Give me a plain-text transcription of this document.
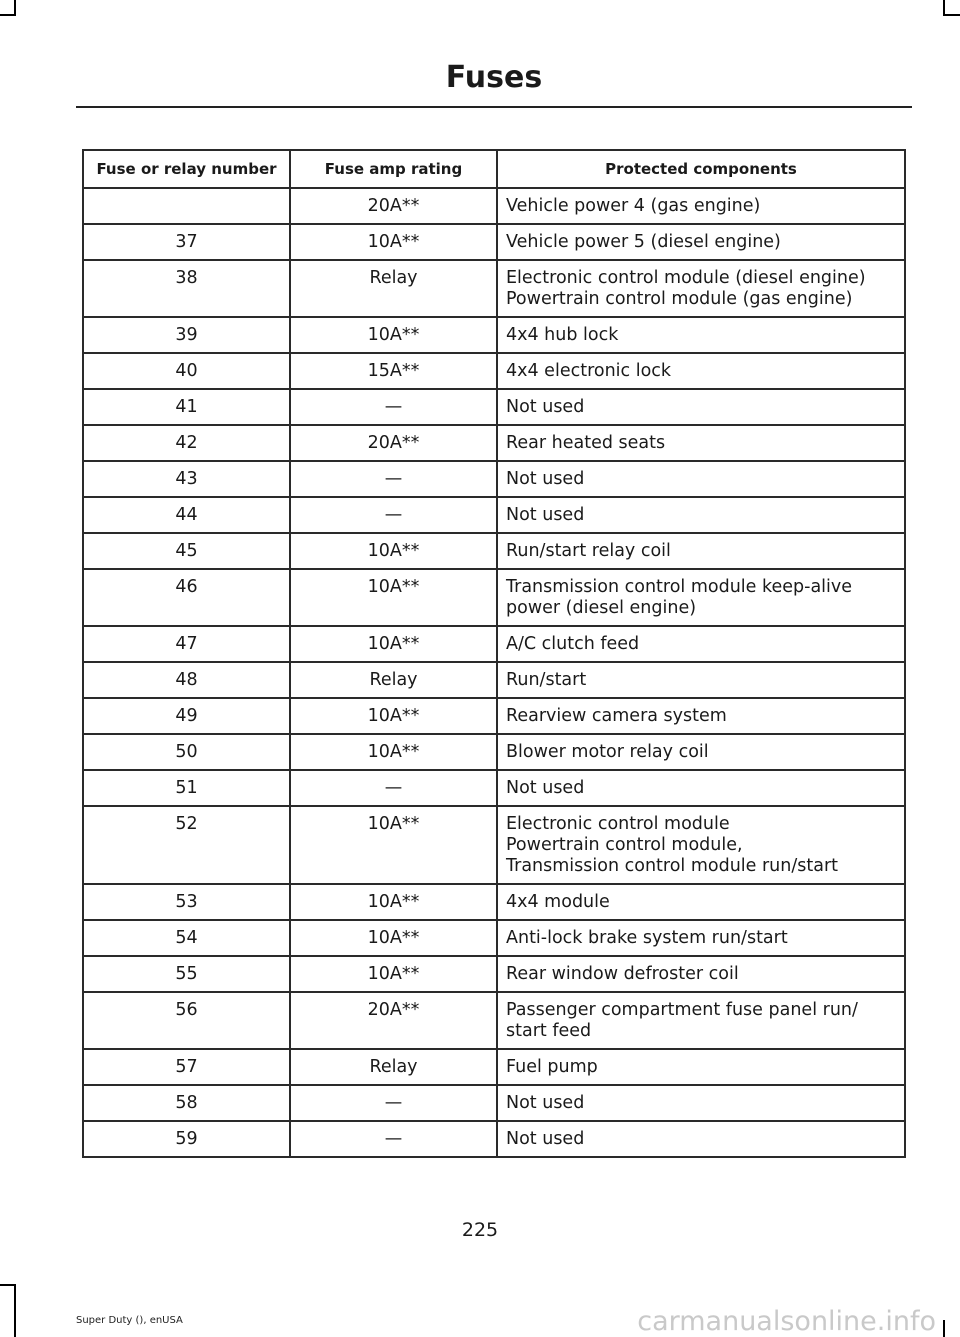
Fuses
Fuse or relay number	Fuse amp rating	Protected components
	20A**	Vehicle power 4 (gas engine)

37	10A**	Vehicle power 5 (diesel engine)

38	Relay	Electronic control module (diesel engine)
Powertrain control module (gas engine)

39	10A**	4x4 hub lock

40	15A**	4x4 electronic lock

41	—	Not used

42	20A**	Rear heated seats

43	—	Not used

44	—	Not used

45	10A**	Run/start relay coil

46	10A**	Transmission control module keep-alive
power (diesel engine)

47	10A**	A/C clutch feed

48	Relay	Run/start

49	10A**	Rearview camera system

50	10A**	Blower motor relay coil

51	—	Not used

52	10A**	Electronic control module
Powertrain control module,
Transmission control module run/start

53	10A**	4x4 module

54	10A**	Anti-lock brake system run/start

55	10A**	Rear window defroster coil

56	20A**	Passenger compartment fuse panel run/
start feed

57	Relay	Fuel pump

58	—	Not used

59	—	Not used
225
Super Duty (), enUSA	carmanualsonline.info
